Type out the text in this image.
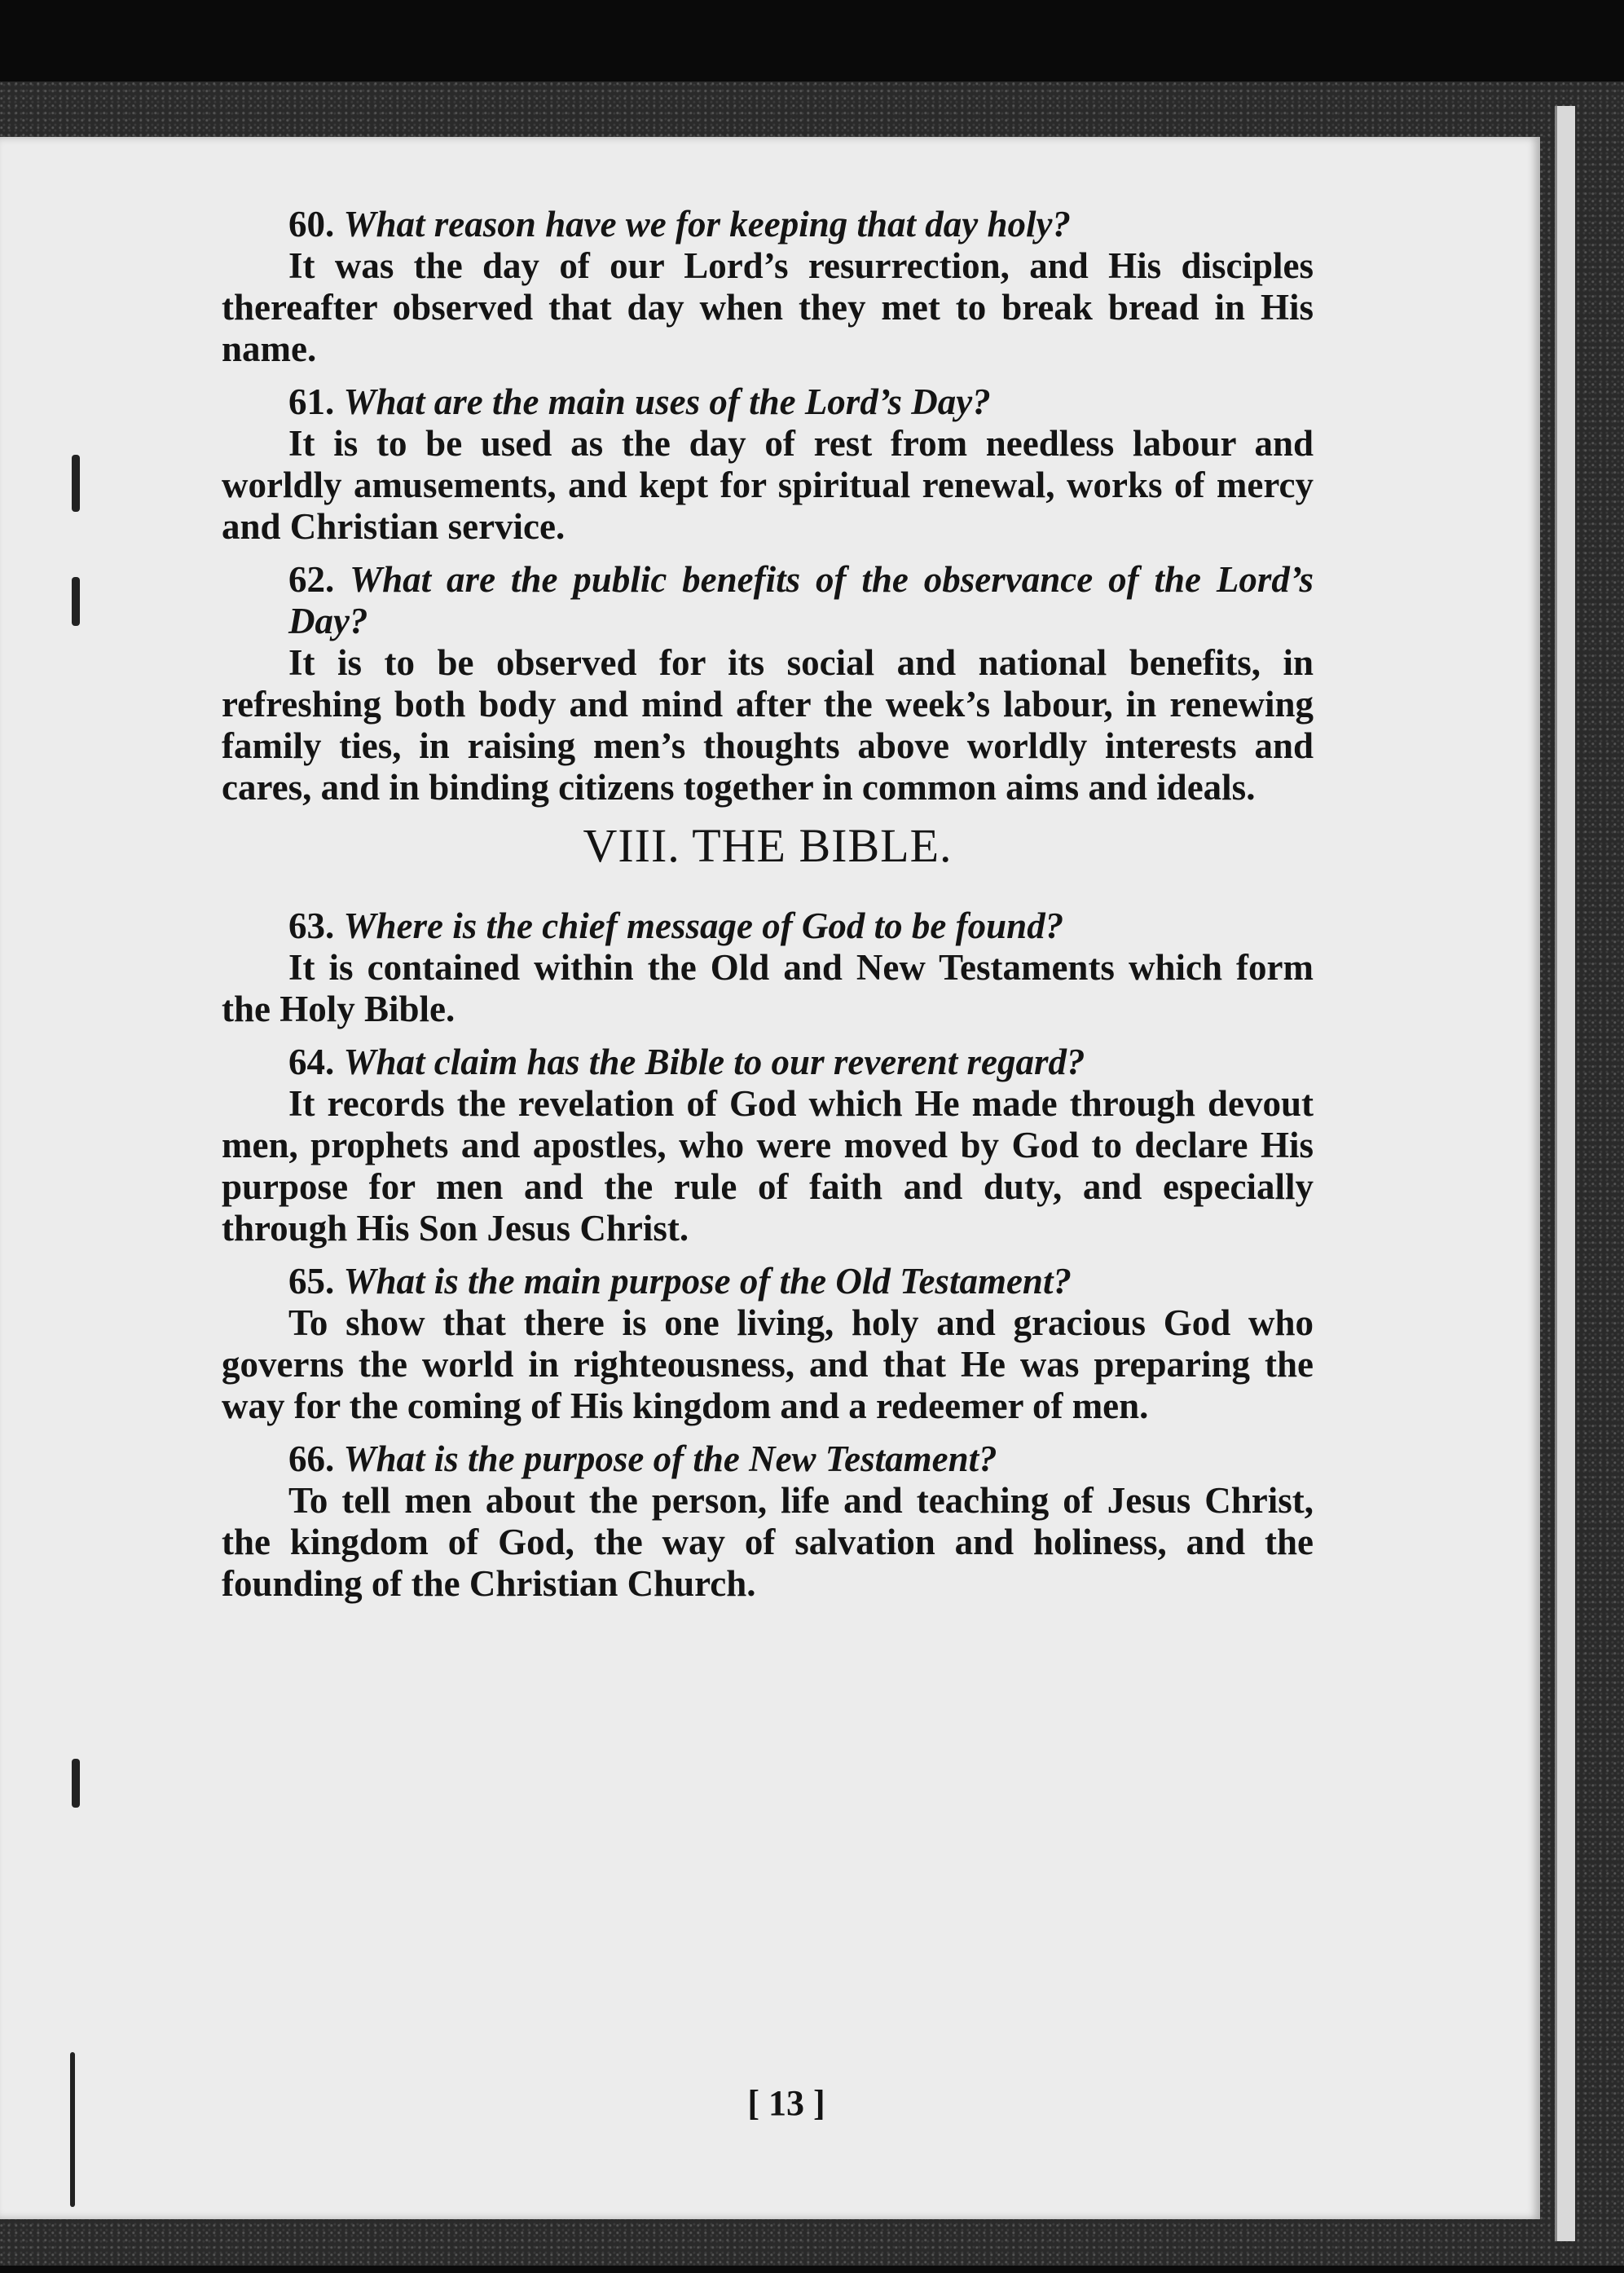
60. What reason have we for keeping that day holy?

It was the day of our Lord’s resurrection, and His disciples thereafter observed that day when they met to break bread in His name.

61. What are the main uses of the Lord’s Day?

It is to be used as the day of rest from needless labour and worldly amusements, and kept for spiritual renewal, works of mercy and Christian service.

62. What are the public benefits of the observance of the Lord’s Day?

It is to be observed for its social and national benefits, in refreshing both body and mind after the week’s labour, in renewing family ties, in raising men’s thoughts above worldly interests and cares, and in binding citizens together in common aims and ideals.

VIII. THE BIBLE.

63. Where is the chief message of God to be found?

It is contained within the Old and New Testaments which form the Holy Bible.

64. What claim has the Bible to our reverent regard?

It records the revelation of God which He made through devout men, prophets and apostles, who were moved by God to declare His purpose for men and the rule of faith and duty, and especially through His Son Jesus Christ.

65. What is the main purpose of the Old Testament?

To show that there is one living, holy and gracious God who governs the world in righteousness, and that He was preparing the way for the coming of His kingdom and a redeemer of men.

66. What is the purpose of the New Testament?

To tell men about the person, life and teaching of Jesus Christ, the kingdom of God, the way of salvation and holiness, and the founding of the Christian Church.

[ 13 ]
